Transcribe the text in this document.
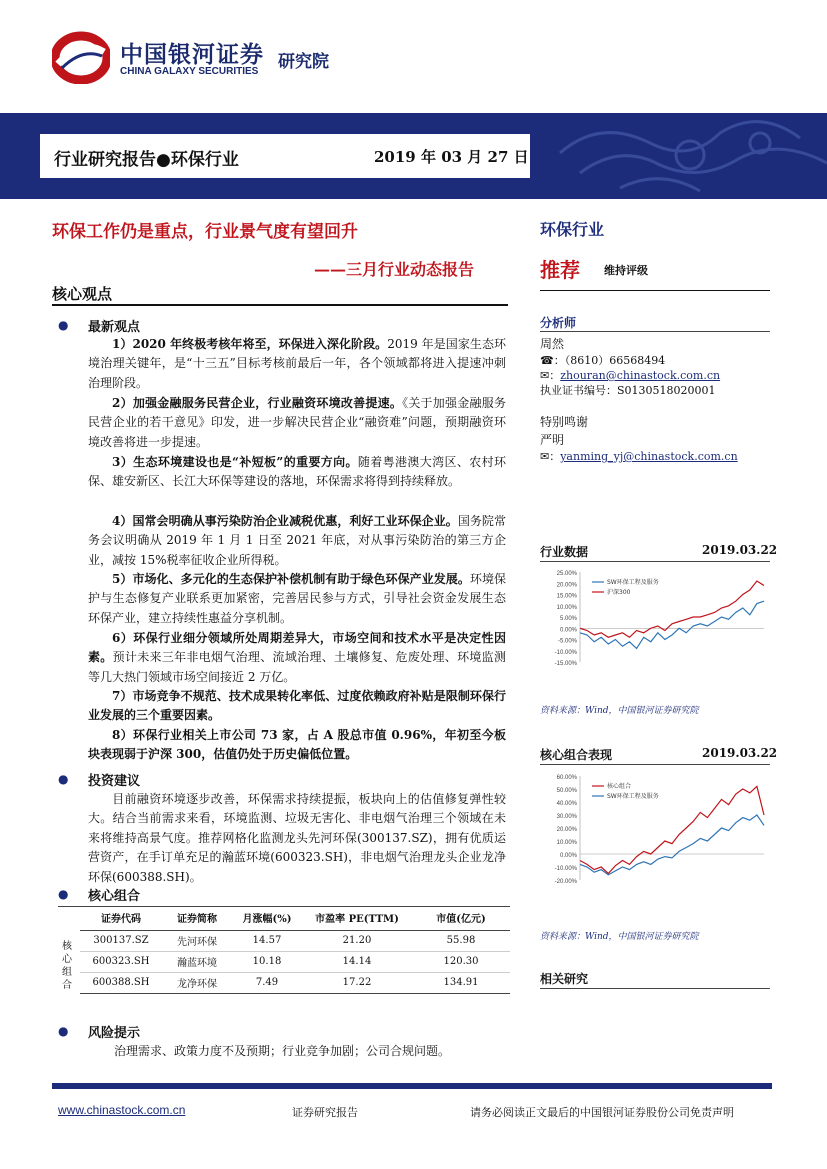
中国银河证券 研究院
CHINA GALAXY SECURITIES
行业研究报告●环保行业	2019 年 03 月 27 日
环保工作仍是重点，行业景气度有望回升
——三月行业动态报告
核心观点
● 最新观点
1）2020 年终极考核年将至，环保进入深化阶段。2019 年是国家生态环境治理关键年，是“十三五”目标考核前最后一年，各个领域都将进入提速冲刺治理阶段。
2）加强金融服务民营企业，行业融资环境改善提速。《关于加强金融服务民营企业的若干意见》印发，进一步解决民营企业“融资难”问题，预期融资环境改善将进一步提速。
3）生态环境建设也是“补短板”的重要方向。随着粤港澳大湾区、农村环保、雄安新区、长江大环保等建设的落地，环保需求将得到持续释放。
4）国常会明确从事污染防治企业减税优惠，利好工业环保企业。国务院常务会议明确从 2019 年 1 月 1 日至 2021 年底，对从事污染防治的第三方企业，减按 15%税率征收企业所得税。
5）市场化、多元化的生态保护补偿机制有助于绿色环保产业发展。环境保护与生态修复产业联系更加紧密，完善居民参与方式，引导社会资金发展生态环保产业，建立持续性惠益分享机制。
6）环保行业细分领域所处周期差异大，市场空间和技术水平是决定性因素。预计未来三年非电烟气治理、流域治理、土壤修复、危废处理、环境监测等几大热门领域市场空间接近 2 万亿。
7）市场竞争不规范、技术成果转化率低、过度依赖政府补贴是限制环保行业发展的三个重要因素。
8）环保行业相关上市公司 73 家，占 A 股总市值 0.96%，年初至今板块表现弱于沪深 300，估值仍处于历史偏低位置。
● 投资建议
目前融资环境逐步改善，环保需求持续提振，板块向上的估值修复弹性较大。结合当前需求来看，环境监测、垃圾无害化、非电烟气治理三个领域在未来将维持高景气度。推荐网格化监测龙头先河环保(300137.SZ)，拥有优质运营资产，在手订单充足的瀚蓝环境(600323.SH)，非电烟气治理龙头企业龙净环保(600388.SH)。
● 核心组合
核心组合
证券代码	证券简称	月涨幅(%)	市盈率 PE(TTM)	市值(亿元)
300137.SZ	先河环保	14.57	21.20	55.98
600323.SH	瀚蓝环境	10.18	14.14	120.30
600388.SH	龙净环保	7.49	17.22	134.91
● 风险提示
治理需求、政策力度不及预期；行业竞争加剧；公司合规问题。
环保行业
推荐 维持评级
分析师
周然
☎：（8610）66568494
✉：zhouran@chinastock.com.cn
执业证书编号：S0130518020001
特别鸣谢
严明
✉：yanming_yj@chinastock.com.cn
行业数据	2019.03.22
25.00%
20.00%
15.00%
10.00%
5.00%
0.00%
-5.00%
-10.00%
-15.00%
SW环保工程及服务
沪深300
资料来源：Wind，中国银河证券研究院
核心组合表现	2019.03.22
60.00%
50.00%
40.00%
30.00%
20.00%
10.00%
0.00%
-10.00%
-20.00%
核心组合
SW环保工程及服务
资料来源：Wind，中国银河证券研究院
相关研究
www.chinastock.com.cn	证券研究报告	请务必阅读正文最后的中国银河证券股份公司免责声明
